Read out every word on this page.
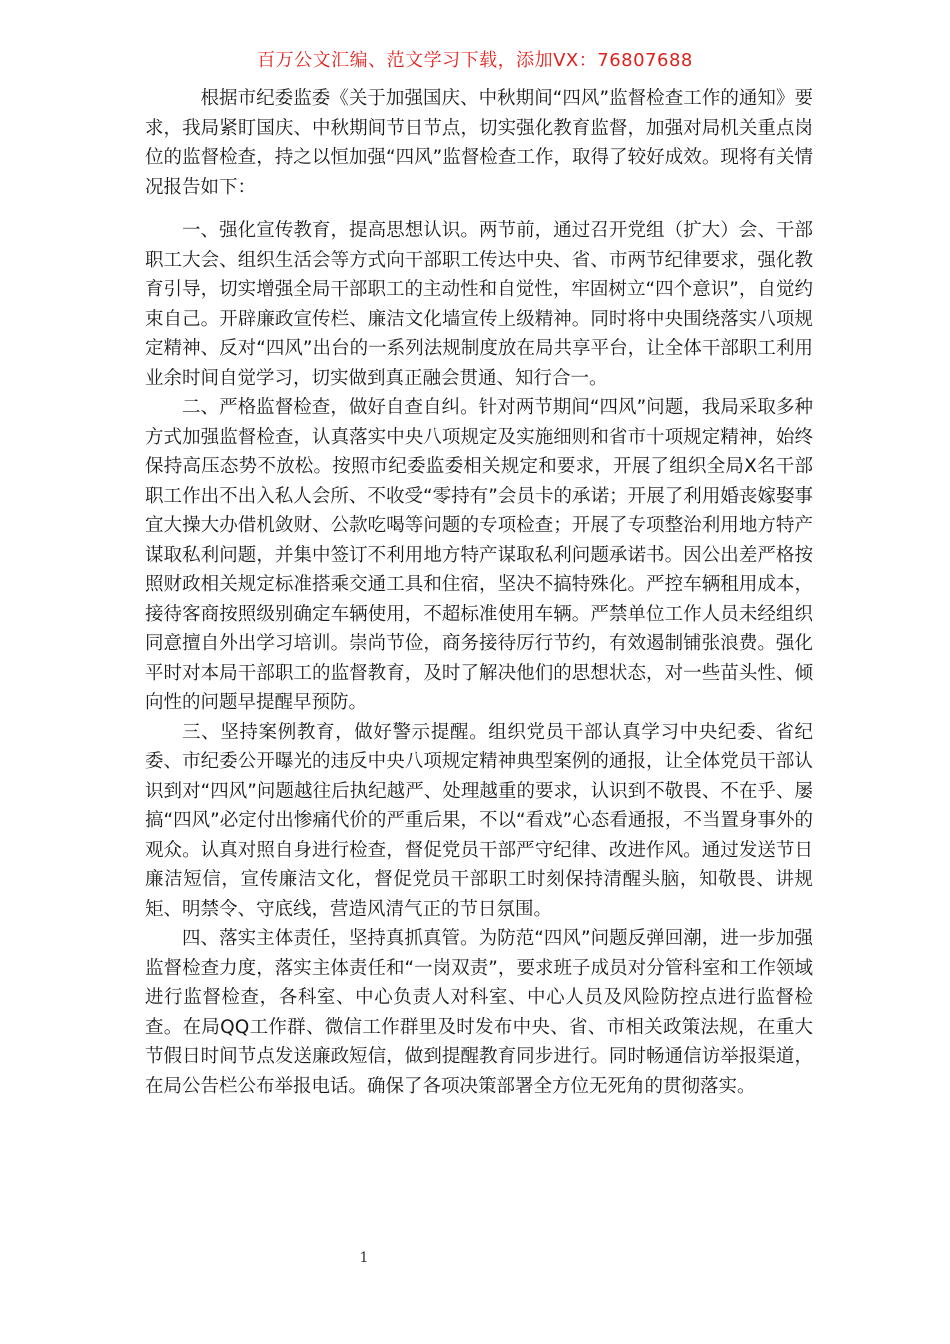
百万公文汇编、范文学习下载，添加VX：76807688

根据市纪委监委《关于加强国庆、中秋期间“四风”监督检查工作的通知》要求，我局紧盯国庆、中秋期间节日节点，切实强化教育监督，加强对局机关重点岗位的监督检查，持之以恒加强“四风”监督检查工作，取得了较好成效。现将有关情况报告如下：

一、强化宣传教育，提高思想认识。两节前，通过召开党组（扩大）会、干部职工大会、组织生活会等方式向干部职工传达中央、省、市两节纪律要求，强化教育引导，切实增强全局干部职工的主动性和自觉性，牢固树立“四个意识”，自觉约束自己。开辟廉政宣传栏、廉洁文化墙宣传上级精神。同时将中央围绕落实八项规定精神、反对“四风”出台的一系列法规制度放在局共享平台，让全体干部职工利用业余时间自觉学习，切实做到真正融会贯通、知行合一。

二、严格监督检查，做好自查自纠。针对两节期间“四风”问题，我局采取多种方式加强监督检查，认真落实中央八项规定及实施细则和省市十项规定精神，始终保持高压态势不放松。按照市纪委监委相关规定和要求，开展了组织全局X名干部职工作出不出入私人会所、不收受“零持有”会员卡的承诺；开展了利用婚丧嫁娶事宜大操大办借机敛财、公款吃喝等问题的专项检查；开展了专项整治利用地方特产谋取私利问题，并集中签订不利用地方特产谋取私利问题承诺书。因公出差严格按照财政相关规定标准搭乘交通工具和住宿，坚决不搞特殊化。严控车辆租用成本，接待客商按照级别确定车辆使用，不超标准使用车辆。严禁单位工作人员未经组织同意擅自外出学习培训。崇尚节俭，商务接待厉行节约，有效遏制铺张浪费。强化平时对本局干部职工的监督教育，及时了解决他们的思想状态，对一些苗头性、倾向性的问题早提醒早预防。

三、坚持案例教育，做好警示提醒。组织党员干部认真学习中央纪委、省纪委、市纪委公开曝光的违反中央八项规定精神典型案例的通报，让全体党员干部认识到对“四风”问题越往后执纪越严、处理越重的要求，认识到不敬畏、不在乎、屡搞“四风”必定付出惨痛代价的严重后果，不以“看戏”心态看通报，不当置身事外的观众。认真对照自身进行检查，督促党员干部严守纪律、改进作风。通过发送节日廉洁短信，宣传廉洁文化，督促党员干部职工时刻保持清醒头脑，知敬畏、讲规矩、明禁令、守底线，营造风清气正的节日氛围。

四、落实主体责任，坚持真抓真管。为防范“四风”问题反弹回潮，进一步加强监督检查力度，落实主体责任和“一岗双责”，要求班子成员对分管科室和工作领域进行监督检查，各科室、中心负责人对科室、中心人员及风险防控点进行监督检查。在局QQ工作群、微信工作群里及时发布中央、省、市相关政策法规，在重大节假日时间节点发送廉政短信，做到提醒教育同步进行。同时畅通信访举报渠道，在局公告栏公布举报电话。确保了各项决策部署全方位无死角的贯彻落实。

1
